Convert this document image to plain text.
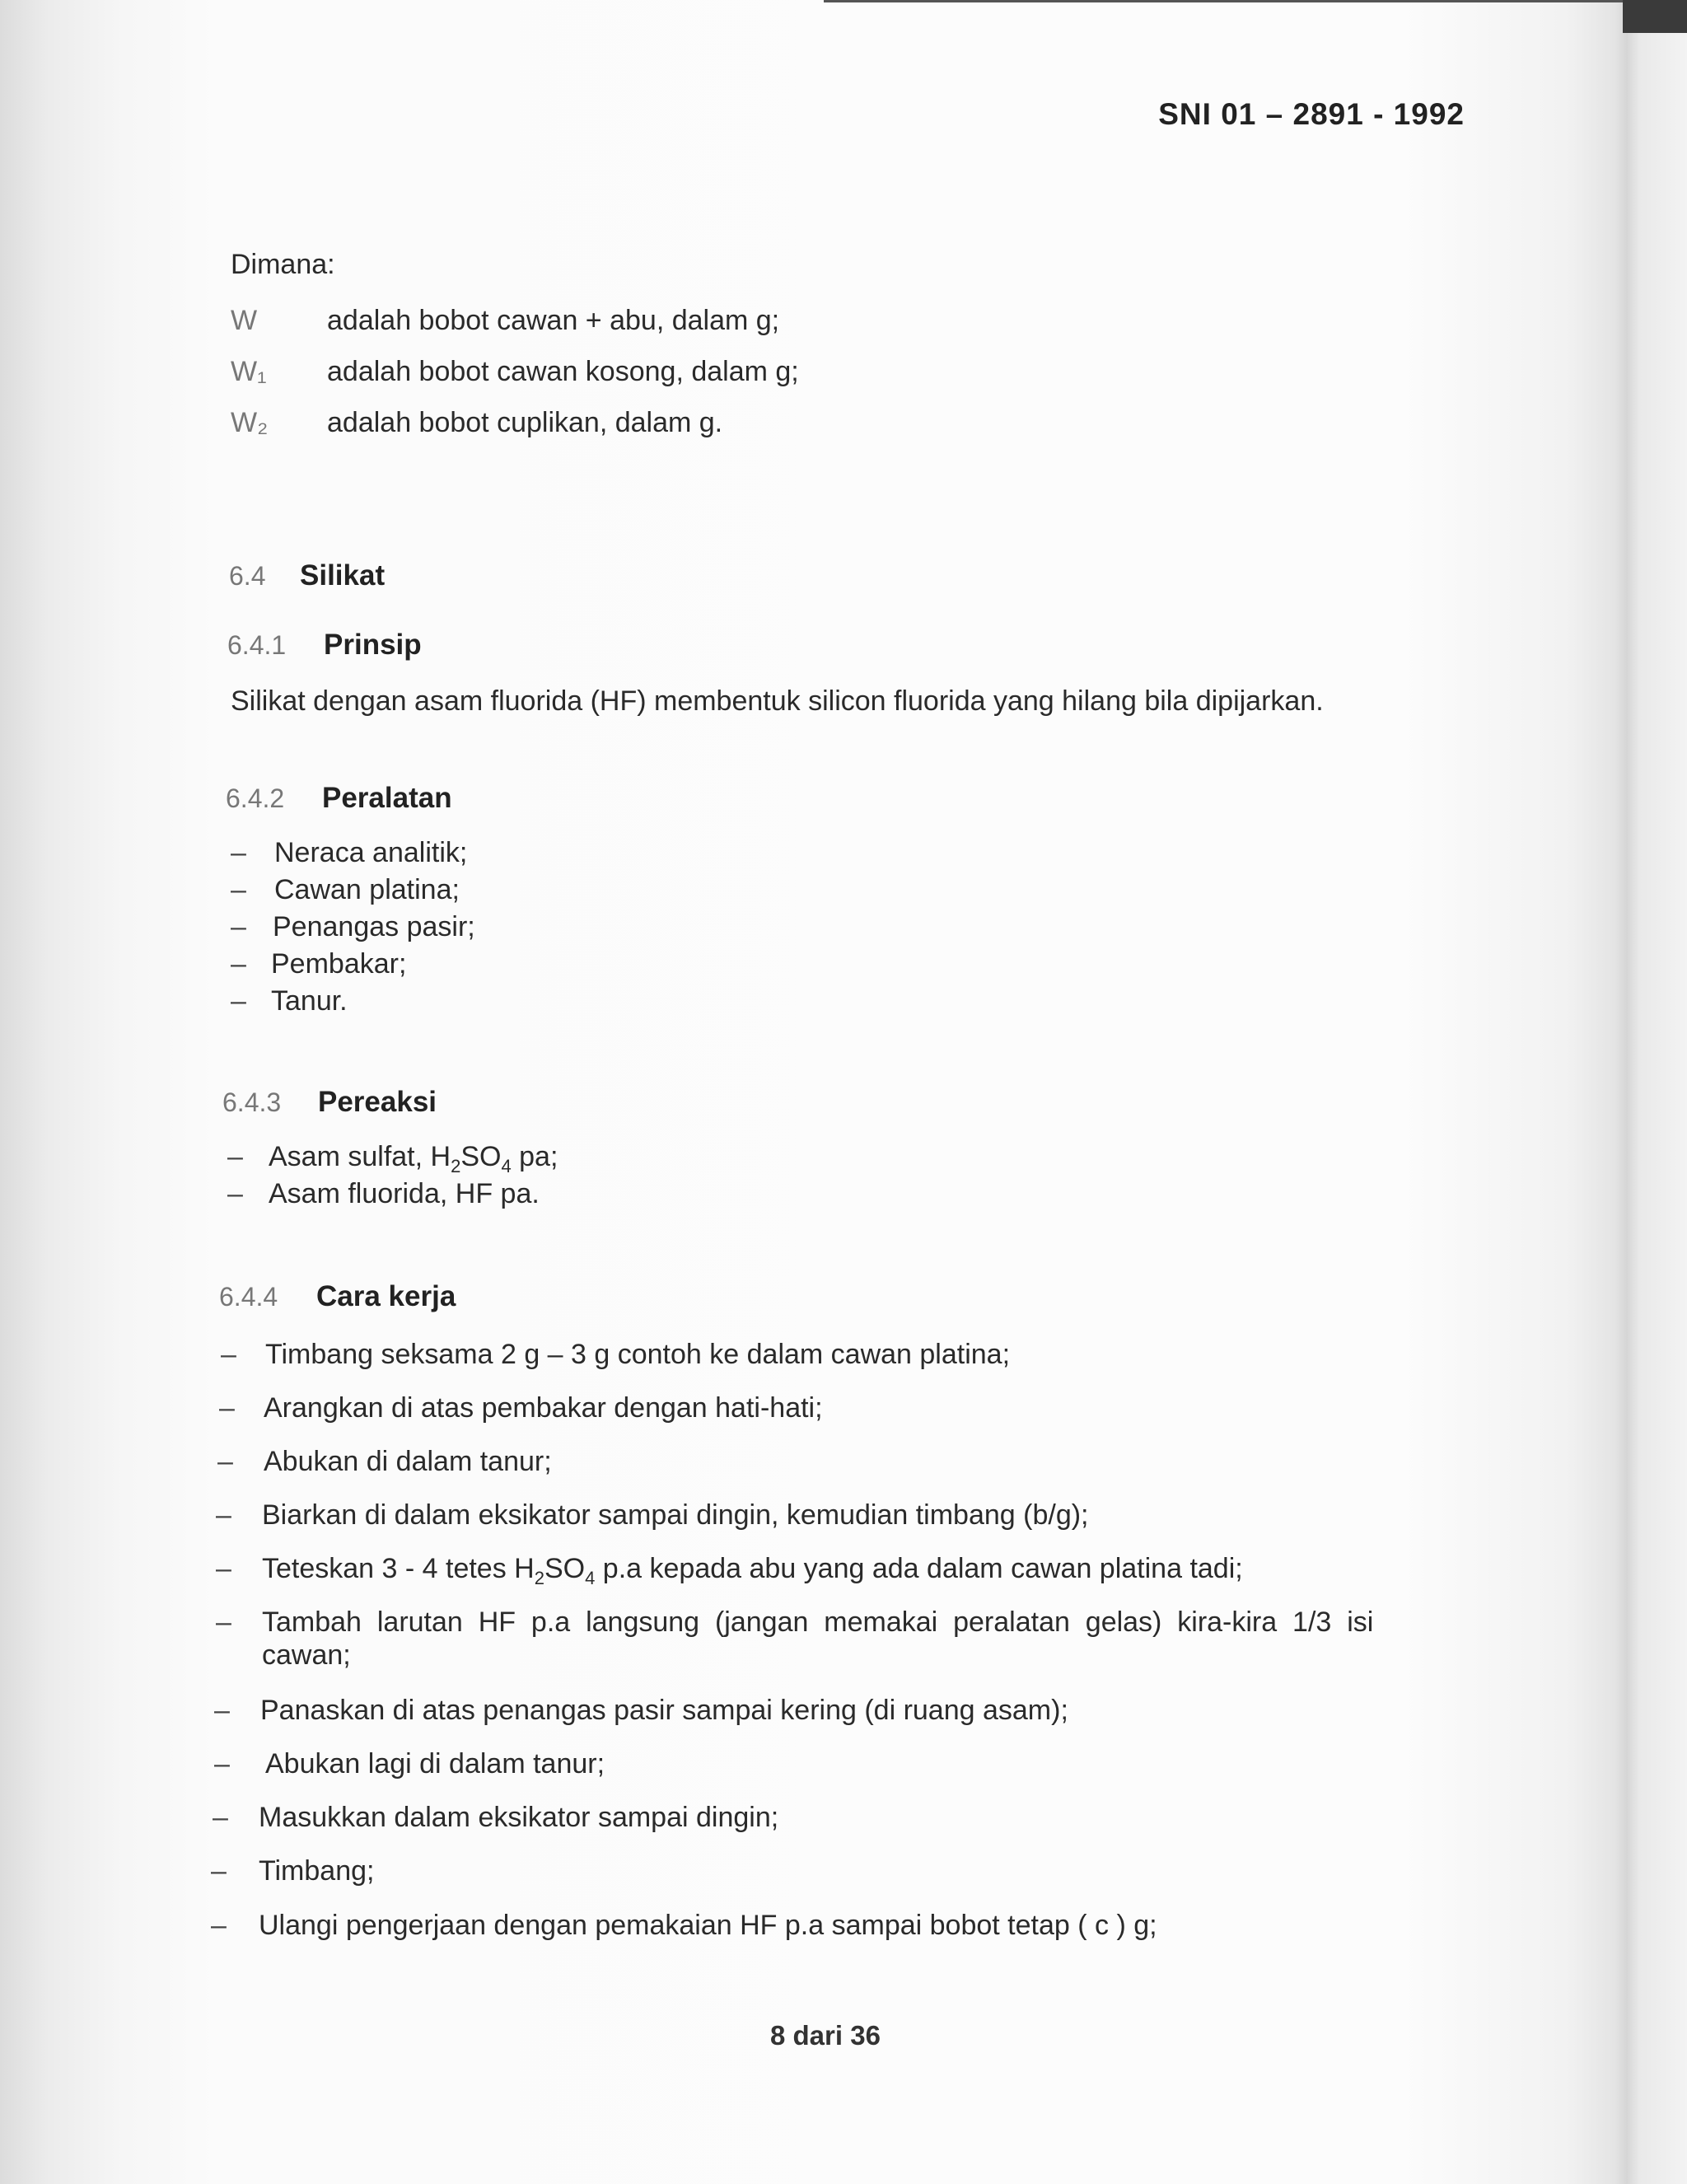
SNI 01 – 2891 - 1992
Dimana:
W adalah bobot cawan + abu, dalam g;
W₁ adalah bobot cawan kosong, dalam g;
W₂ adalah bobot cuplikan, dalam g.
6.4 Silikat
6.4.1 Prinsip
Silikat dengan asam fluorida (HF) membentuk silicon fluorida yang hilang bila dipijarkan.
6.4.2 Peralatan
– Neraca analitik;
– Cawan platina;
– Penangas pasir;
– Pembakar;
– Tanur.
6.4.3 Pereaksi
– Asam sulfat, $H_2SO_4$ pa;
– Asam fluorida, HF pa.
6.4.4 Cara kerja
– Timbang seksama 2 g – 3 g contoh ke dalam cawan platina;
– Arangkan di atas pembakar dengan hati-hati;
– Abukan di dalam tanur;
– Biarkan di dalam eksikator sampai dingin, kemudian timbang (b/g);
– Teteskan 3 - 4 tetes $H_2SO_4$ p.a kepada abu yang ada dalam cawan platina tadi;
– Tambah  larutan  HF  p.a  langsung  (jangan  memakai  peralatan  gelas)  kira-kira  1/3  isi
cawan;
– Panaskan di atas penangas pasir sampai kering (di ruang asam);
– Abukan lagi di dalam tanur;
– Masukkan dalam eksikator sampai dingin;
– Timbang;
– Ulangi pengerjaan dengan pemakaian HF p.a sampai bobot tetap ( c ) g;
8 dari 36
